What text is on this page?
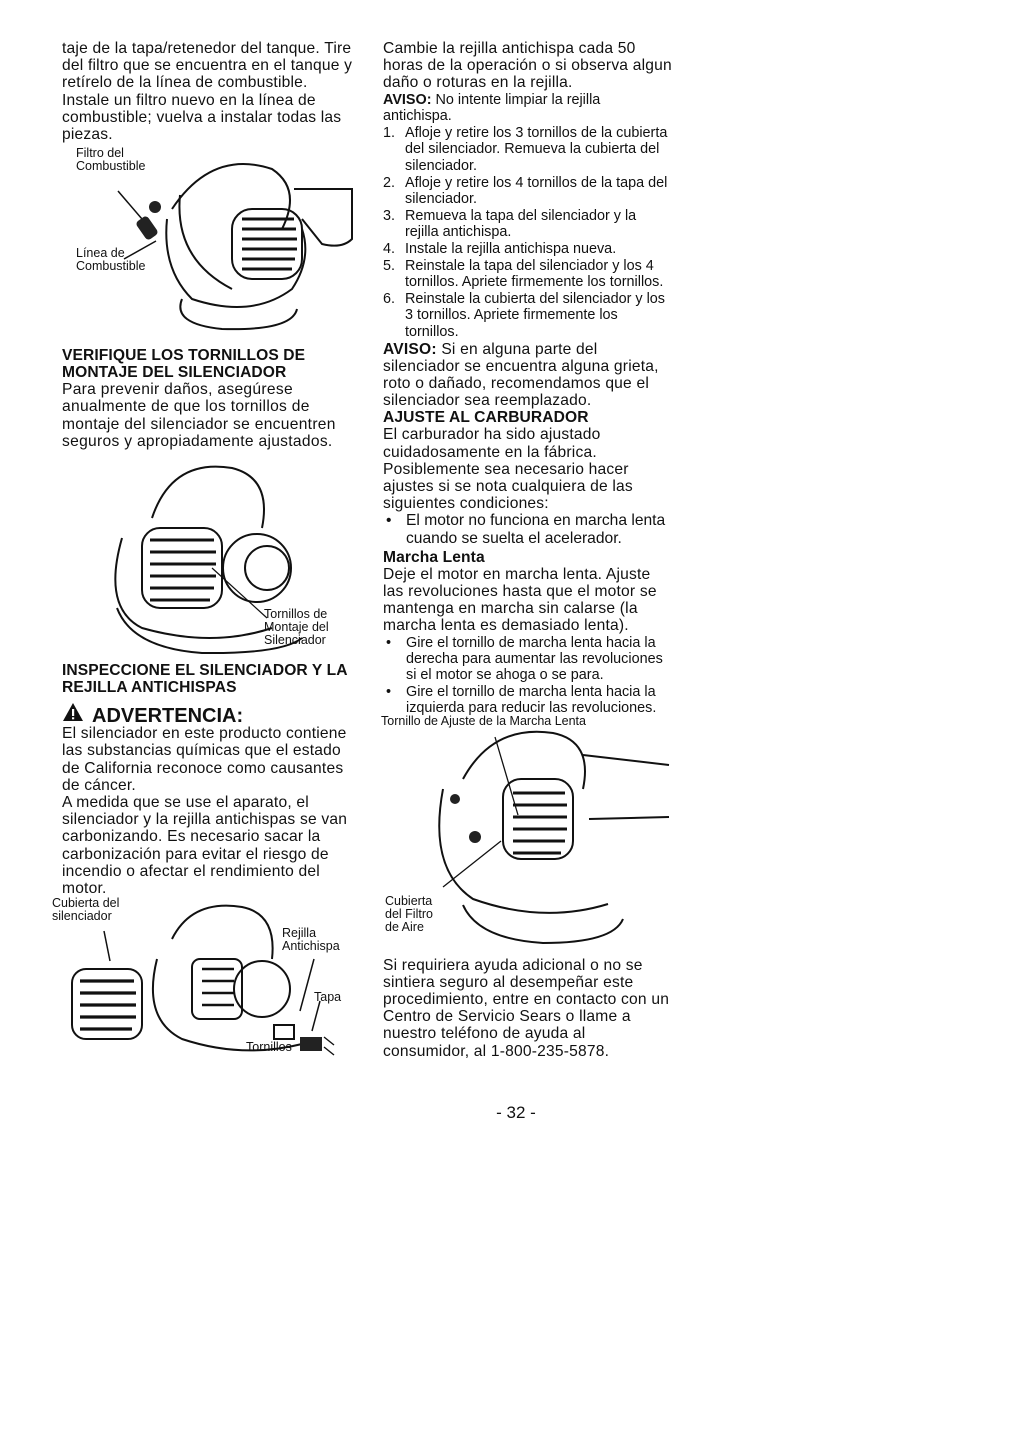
taje de la tapa/retenedor del tanque. Tire del filtro que se encuentra en el tanque y retírelo de la línea de combustible. Instale un filtro nuevo en la línea de combustible; vuelva a instalar todas las piezas.

Filtro del Combustible
Línea de Combustible

VERIFIQUE LOS TORNILLOS DE MONTAJE DEL SILENCIADOR

Para prevenir daños, asegúrese anualmente de que los tornillos de montaje del silenciador se encuentren seguros y apropiadamente ajustados.

Tornillos de Montaje del Silenciador

INSPECCIONE EL SILENCIADOR Y LA REJILLA ANTICHISPAS

ADVERTENCIA:

El silenciador en este producto contiene las substancias químicas que el estado de California reconoce como causantes de cáncer.

A medida que se use el aparato, el silenciador y la rejilla antichispas se van carbonizando. Es necesario sacar la carbonización para evitar el riesgo de incendio o afectar el rendimiento del motor.

Cubierta del silenciador
Rejilla Antichispa
Tapa
Tornillos

Cambie la rejilla antichispa cada 50 horas de la operación o si observa algun daño o roturas en la rejilla.

AVISO: No intente limpiar la rejilla antichispa.

1. Afloje y retire los 3 tornillos de la cubierta del silenciador. Remueva la cubierta del silenciador.
2. Afloje y retire los 4 tornillos de la tapa del silenciador.
3. Remueva la tapa del silenciador y la rejilla antichispa.
4. Instale la rejilla antichispa nueva.
5. Reinstale la tapa del silenciador y los 4 tornillos. Apriete firmemente los tornillos.
6. Reinstale la cubierta del silenciador y los 3 tornillos. Apriete firmemente los tornillos.

AVISO: Si en alguna parte del silenciador se encuentra alguna grieta, roto o dañado, recomendamos que el silenciador sea reemplazado.

AJUSTE AL CARBURADOR

El carburador ha sido ajustado cuidadosamente en la fábrica. Posiblemente sea necesario hacer ajustes si se nota cualquiera de las siguientes condiciones:

• El motor no funciona en marcha lenta cuando se suelta el acelerador.

Marcha Lenta

Deje el motor en marcha lenta. Ajuste las revoluciones hasta que el motor se mantenga en marcha sin calarse (la marcha lenta es demasiado lenta).

•	Gire el tornillo de marcha lenta hacia la derecha para aumentar las revoluciones si el motor se ahoga o se para.
•	Gire el tornillo de marcha lenta hacia la izquierda para reducir las revoluciones.
Tornillo de Ajuste de la Marcha Lenta
Cubierta del Filtro de Aire

Si requiriera ayuda adicional o no se sintiera seguro al desempeñar este procedimiento, entre en contacto con un Centro de Servicio Sears o llame a nuestro teléfono de ayuda al consumidor, al 1-800-235-5878.

- 32 -
